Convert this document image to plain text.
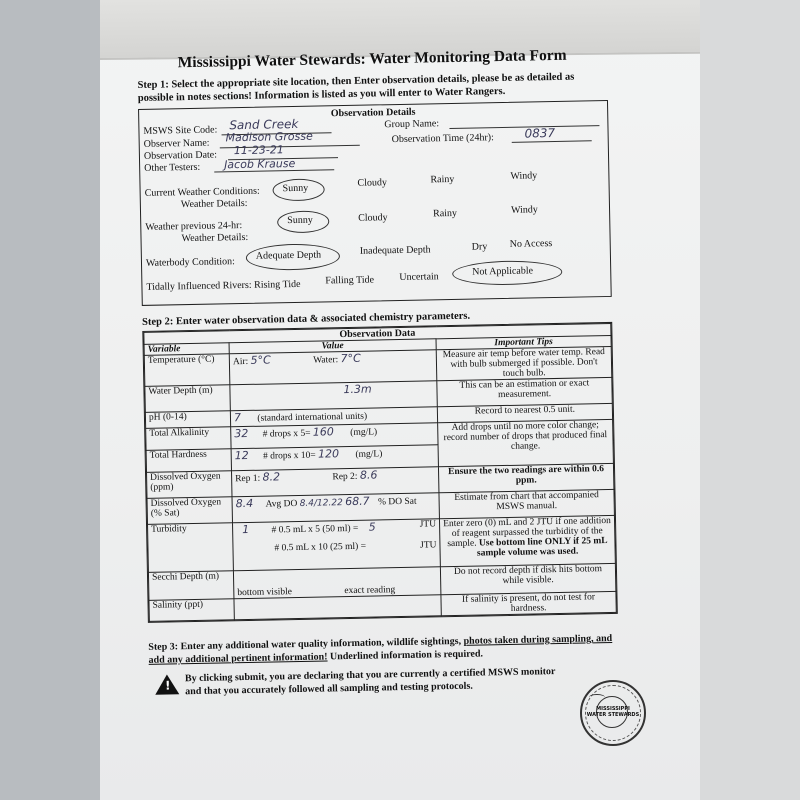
Mississippi Water Stewards: Water Monitoring Data Form
Step 1: Select the appropriate site location, then Enter observation details, please be as detailed as possible in notes sections! Information is listed as you will enter to Water Rangers.
Observation Details
MSWS Site Code: Sand Creek	Group Name:
Observer Name: Madison Grosse	Observation Time (24hr):	0837
Observation Date: 11-23-21
Other Testers: Jacob Krause
Current Weather Conditions:
Weather Details:
Sunny	Cloudy	Rainy	Windy
Weather previous 24-hr:
Weather Details:
Sunny	Cloudy	Rainy	Windy
Waterbody Condition:
Adequate Depth	Inadequate Depth	Dry No Access
Tidally Influenced Rivers: Rising Tide Falling Tide	Uncertain	Not Applicable
Step 2: Enter water observation data & associated chemistry parameters.
Observation Data		
Variable	Value	Important Tips
Temperature (°C)	Air: 5°C Water: 7°C	Measure air temp before water temp. Read with bulb submerged if possible. Don't touch bulb.
Water Depth (m)	1.3m	This can be an estimation or exact measurement.
pH (0-14)	7 (standard international units)	Record to nearest 0.5 unit.
Total Alkalinity	32 # drops x 5= 160 (mg/L)	Add drops until no more color change; record number of drops that produced final change.
Total Hardness	12 # drops x 10= 120 (mg/L)	
Dissolved Oxygen (ppm)	Rep 1: 8.2 Rep 2: 8.6	Ensure the two readings are within 0.6 ppm.
Dissolved Oxygen (% Sat)	8.4 Avg DO 8.4/12.22 68.7 % DO Sat	Estimate from chart that accompanied MSWS manual.
Turbidity	1 # 0.5 mL x 5 (50 ml) = 5 JTU
# 0.5 mL x 10 (25 ml) = JTU	Enter zero (0) mL and 2 JTU if one addition of reagent surpassed the turbidity of the sample. Use bottom line ONLY if 25 mL sample volume was used.
Secchi Depth (m)	bottom visible exact reading	Do not record depth if disk hits bottom while visible.
Salinity (ppt)		If salinity is present, do not test for hardness.
Step 3: Enter any additional water quality information, wildlife sightings, photos taken during sampling, and add any additional pertinent information! Underlined information is required.
!
By clicking submit, you are declaring that you are currently a certified MSWS monitor and that you accurately followed all sampling and testing protocols.
MISSISSIPPI WATER STEWARDS
